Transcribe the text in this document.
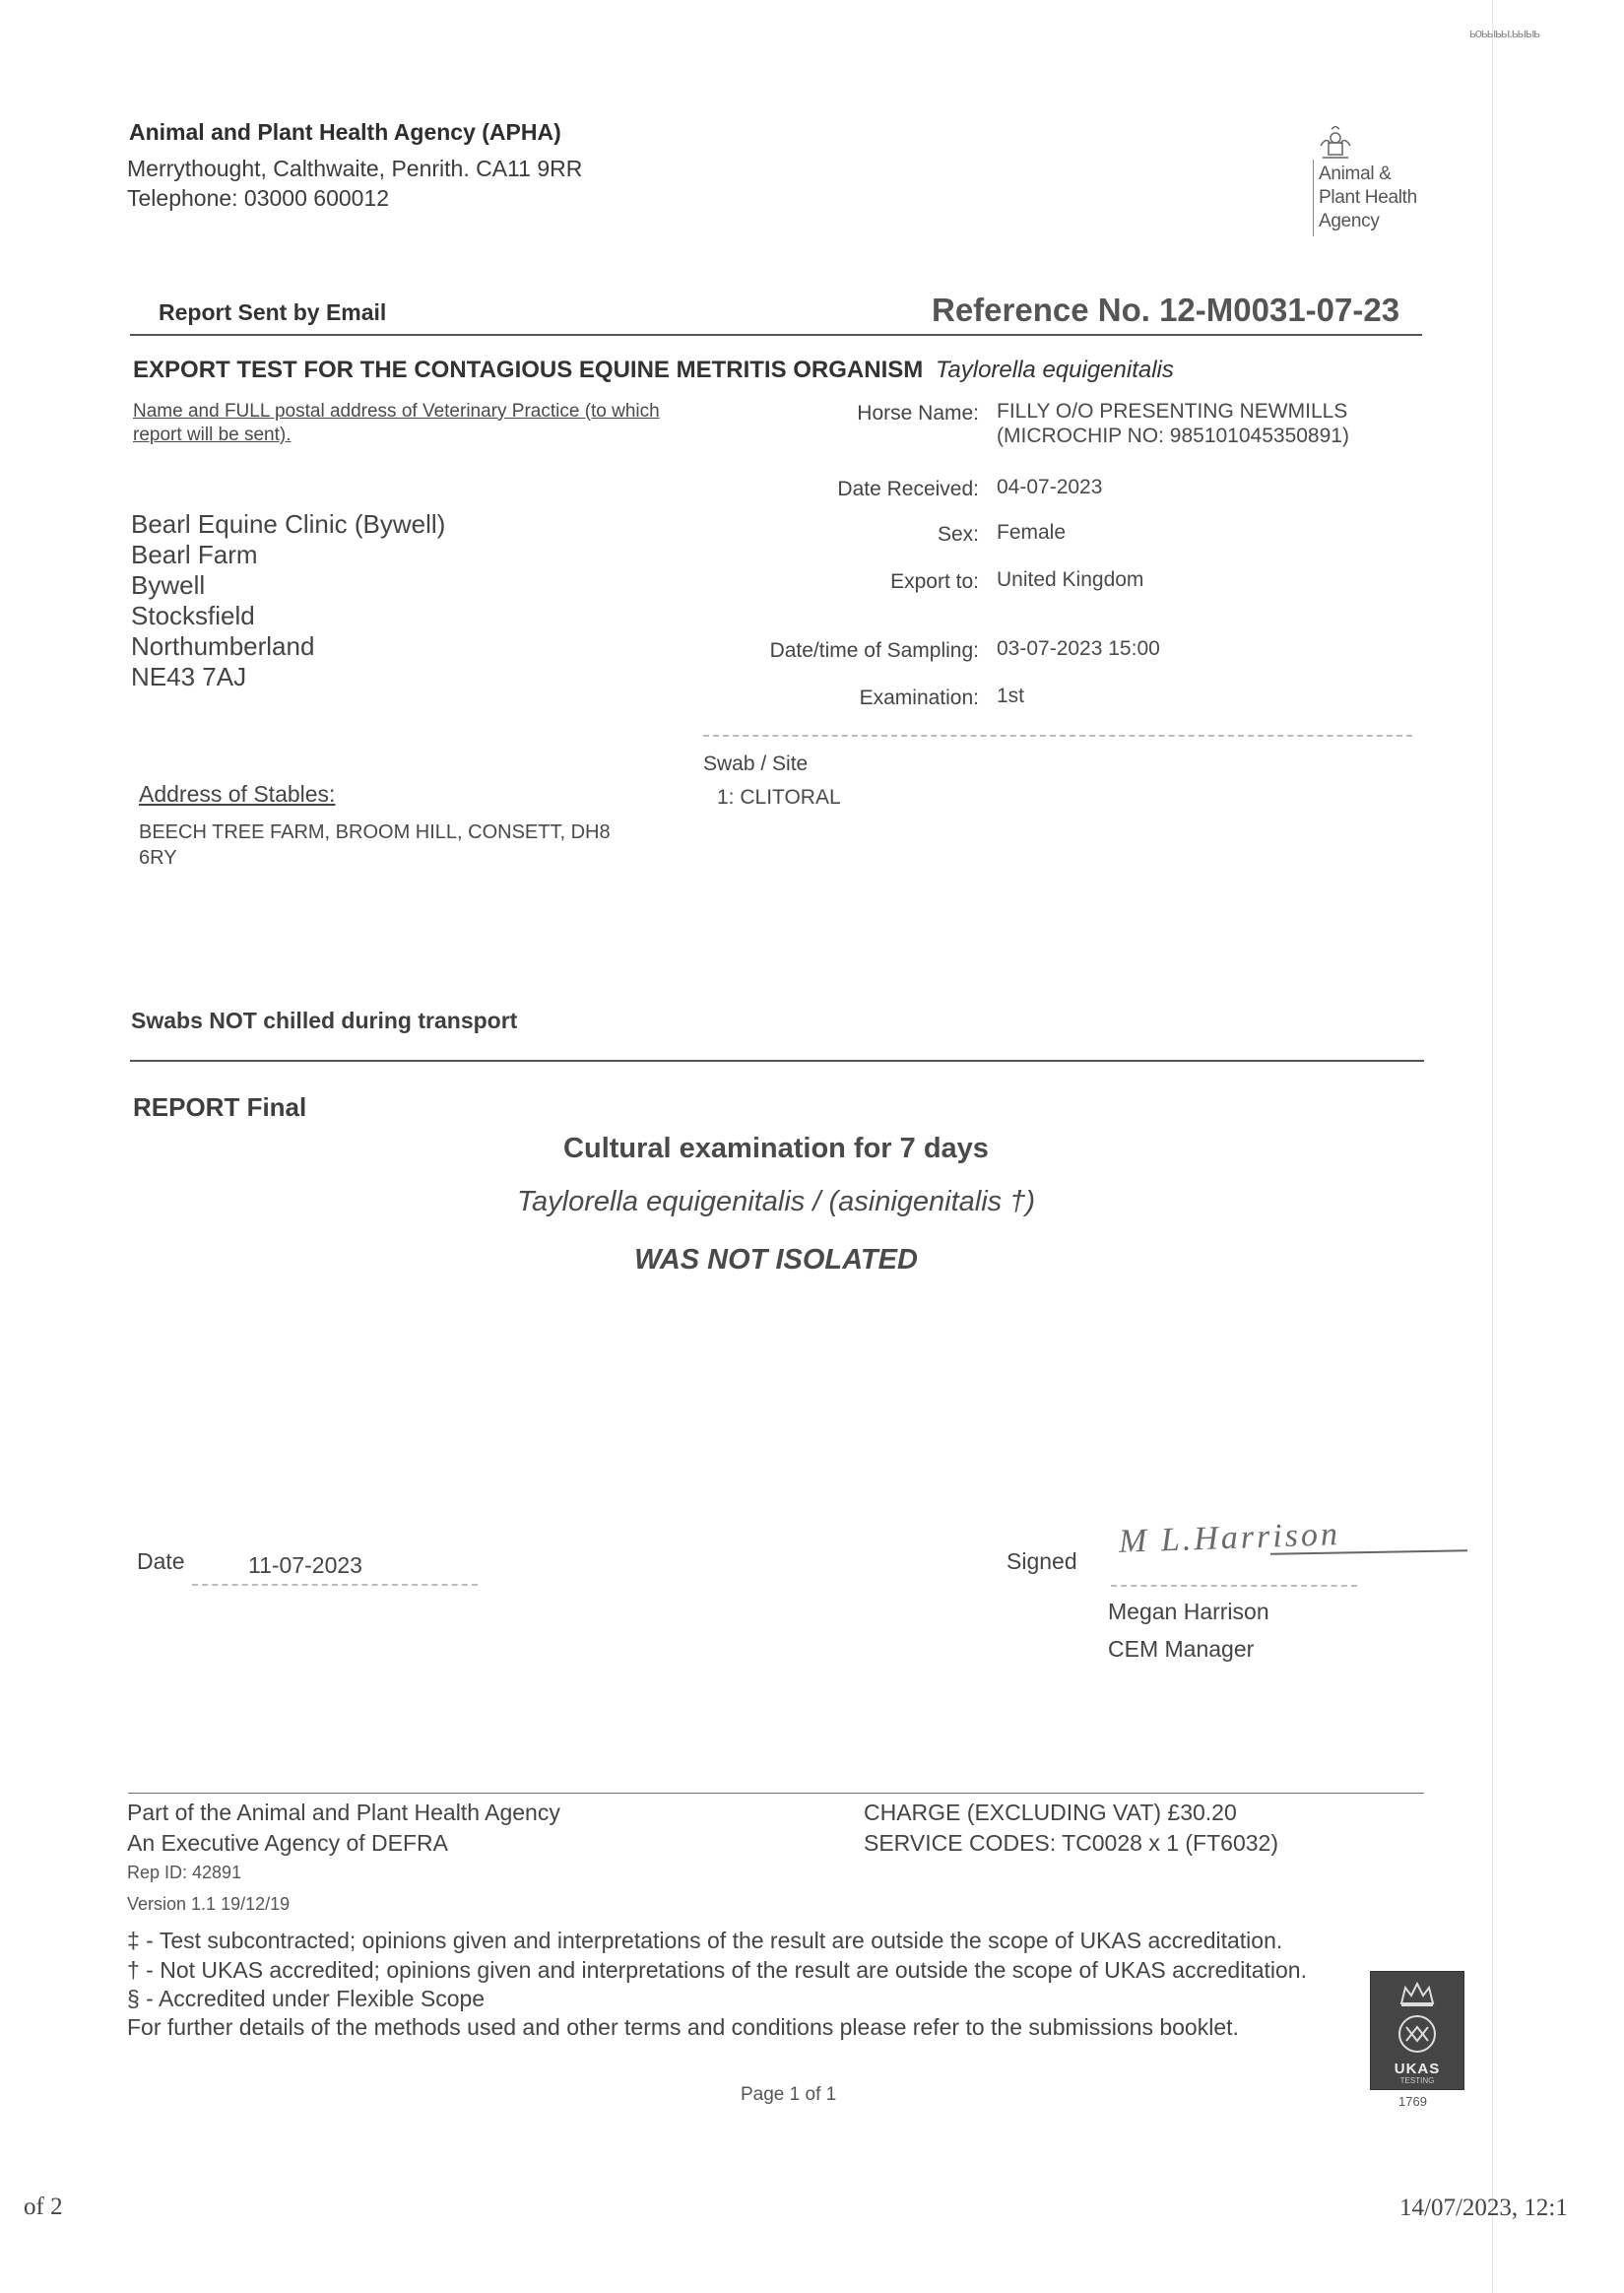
ьоьыьы.ьыыь
Animal and Plant Health Agency (APHA)
Merrythought, Calthwaite, Penrith. CA11 9RR
Telephone: 03000 600012
Animal &
Plant Health
Agency
Report Sent by Email	Reference No. 12-M0031-07-23
EXPORT TEST FOR THE CONTAGIOUS EQUINE METRITIS ORGANISM Taylorella equigenitalis
Name and FULL postal address of Veterinary Practice (to which
report will be sent).
Bearl Equine Clinic (Bywell)
Bearl Farm
Bywell
Stocksfield
Northumberland
NE43 7AJ
Horse Name: FILLY O/O PRESENTING NEWMILLS
(MICROCHIP NO: 985101045350891)
Date Received: 04-07-2023
Sex: Female
Export to: United Kingdom
Date/time of Sampling: 03-07-2023 15:00
Examination: 1st
Swab / Site
1: CLITORAL
Address of Stables:
BEECH TREE FARM, BROOM HILL, CONSETT, DH8
6RY
Swabs NOT chilled during transport
REPORT Final
Cultural examination for 7 days
Taylorella equigenitalis / (asinigenitalis †)
WAS NOT ISOLATED
Date	11-07-2023	Signed
M L.Harrison
Megan Harrison
CEM Manager
Part of the Animal and Plant Health Agency
An Executive Agency of DEFRA
Rep ID: 42891
Version 1.1 19/12/19
CHARGE (EXCLUDING VAT) £30.20
SERVICE CODES: TC0028 x 1 (FT6032)
‡ - Test subcontracted; opinions given and interpretations of the result are outside the scope of UKAS accreditation.
† - Not UKAS accredited; opinions given and interpretations of the result are outside the scope of UKAS accreditation.
§ - Accredited under Flexible Scope
For further details of the methods used and other terms and conditions please refer to the submissions booklet.
UKAS
TESTING
1769
Page 1 of 1
of 2	14/07/2023, 12:1
